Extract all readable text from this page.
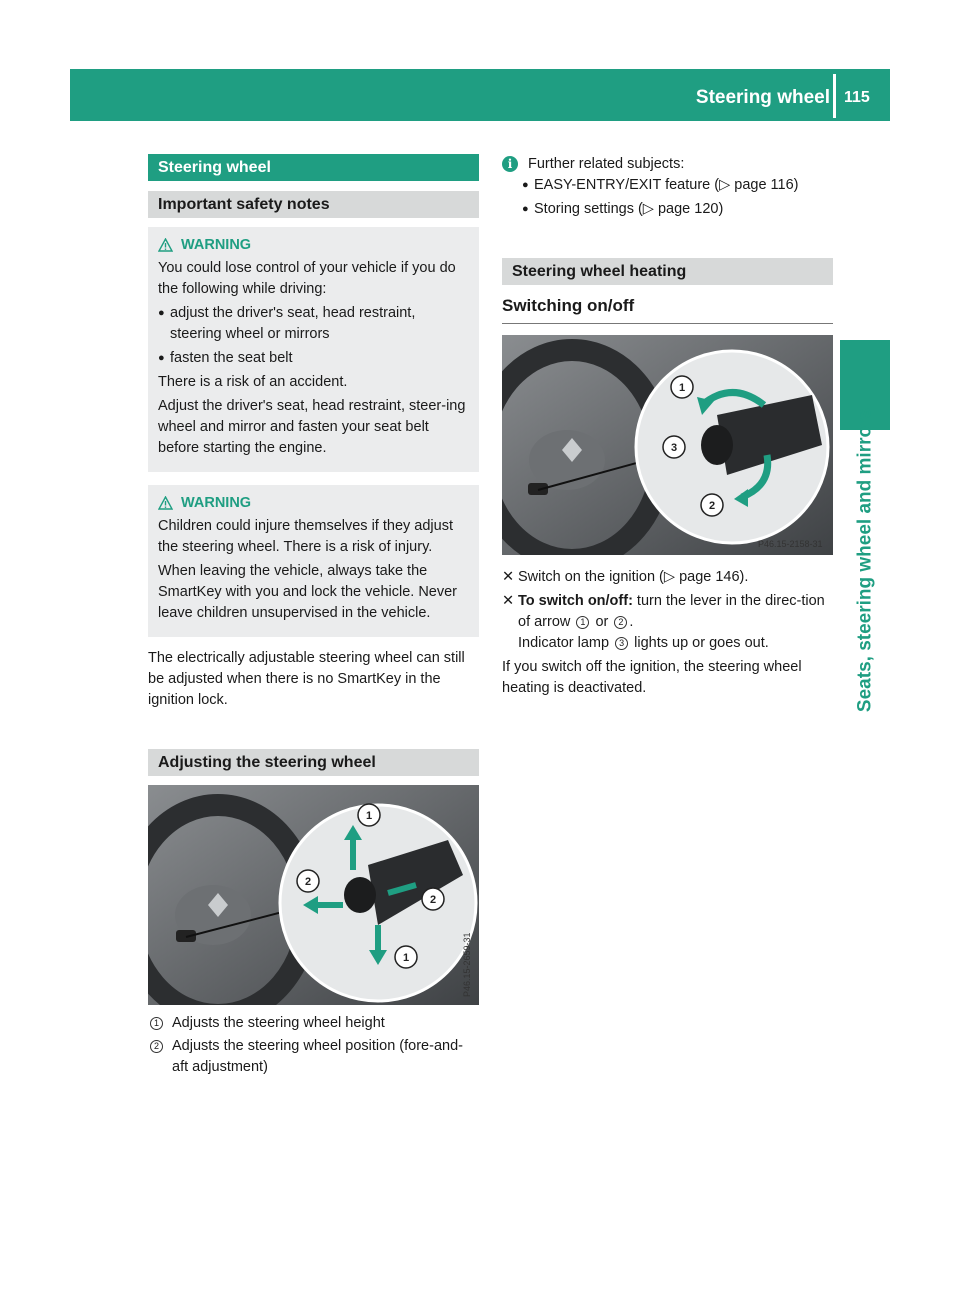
Steering wheel 115
Seats, steering wheel and mirrors
Steering wheel
Important safety notes
WARNING

You could lose control of your vehicle if you do the following while driving:

● adjust the driver's seat, head restraint, steering wheel or mirrors
● fasten the seat belt

There is a risk of an accident.

Adjust the driver's seat, head restraint, steer-ing wheel and mirror and fasten your seat belt before starting the engine.

WARNING

Children could injure themselves if they adjust the steering wheel. There is a risk of injury.

When leaving the vehicle, always take the SmartKey with you and lock the vehicle. Never leave children unsupervised in the vehicle.

The electrically adjustable steering wheel can still be adjusted when there is no SmartKey in the ignition lock.

Adjusting the steering wheel
1
2
2
1	P46.15-2659-31
1 Adjusts the steering wheel height
2 Adjusts the steering wheel position (fore-and-aft adjustment)
i	Further related subjects:

● EASY-ENTRY/EXIT feature (▷ page 116)
● Storing settings (▷ page 120)
Steering wheel heating
Switching on/off
1
3
2
P46.15-2158-31
✕ Switch on the ignition (▷ page 146).
✕ To switch on/off: turn the lever in the direc-tion of arrow 1 or 2 .
Indicator lamp 3 lights up or goes out.

If you switch off the ignition, the steering wheel heating is deactivated.
